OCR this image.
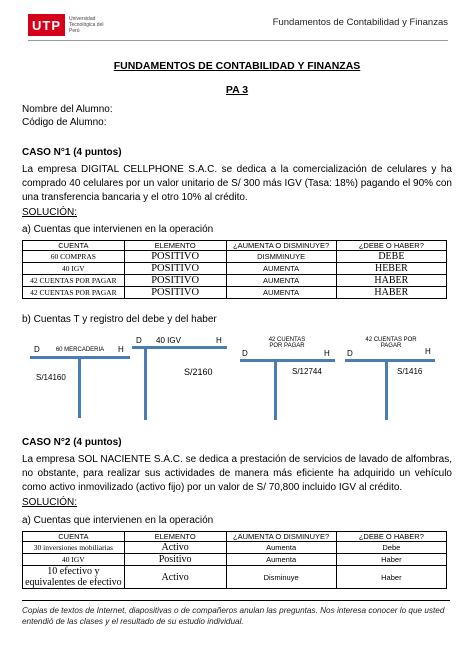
UTP Universidad Tecnológica del Perú
Fundamentos de Contabilidad y Finanzas
FUNDAMENTOS DE CONTABILIDAD Y FINANZAS
PA 3
Nombre del Alumno:
Código de Alumno:
CASO N°1 (4 puntos)
La empresa DIGITAL CELLPHONE S.A.C. se dedica a la comercialización de celulares y ha comprado 40 celulares por un valor unitario de S/ 300 más IGV (Tasa: 18%) pagando el 90% con una transferencia bancaria y el otro 10% al crédito.
SOLUCIÓN:
a) Cuentas que intervienen en la operación
CUENTA	ELEMENTO	¿AUMENTA O DISMINUYE?	¿DEBE O HABER?
60 COMPRAS	POSITIVO	DISMMINUYE	DEBE
40 IGV	POSITIVO	AUMENTA	HEBER
42 CUENTAS POR PAGAR	POSITIVO	AUMENTA	HABER
42 CUENTAS POR PAGAR	POSITIVO	AUMENTA	HABER
b) Cuentas T y registro del debe y del haber
D	60 MERCADERIA	H
S/14160
D 40 IGV	H
S/2160
D
42 CUENTAS POR PAGAR
H
S/12744
D
42 CUENTAS POR PAGAR
H
S/1416
CASO N°2 (4 puntos)
La empresa SOL NACIENTE S.A.C. se dedica a prestación de servicios de lavado de alfombras, no obstante, para realizar sus actividades de manera más eficiente ha adquirido un vehículo como activo inmovilizado (activo fijo) por un valor de S/ 70,800 incluido IGV al crédito.
SOLUCIÓN:
a) Cuentas que intervienen en la operación
CUENTA	ELEMENTO	¿AUMENTA O DISMINUYE?	¿DEBE O HABER?
30 inversiones mobiliarias	Activo	Aumenta	Debe
40 IGV	Positivo	Aumenta	Haber
10 efectivo y equivalentes de efectivo	Activo	Disminuye	Haber
Copias de textos de Internet, diapositivas o de compañeros anulan las preguntas. Nos interesa conocer lo que usted entendió de las clases y el resultado de su estudio individual.
